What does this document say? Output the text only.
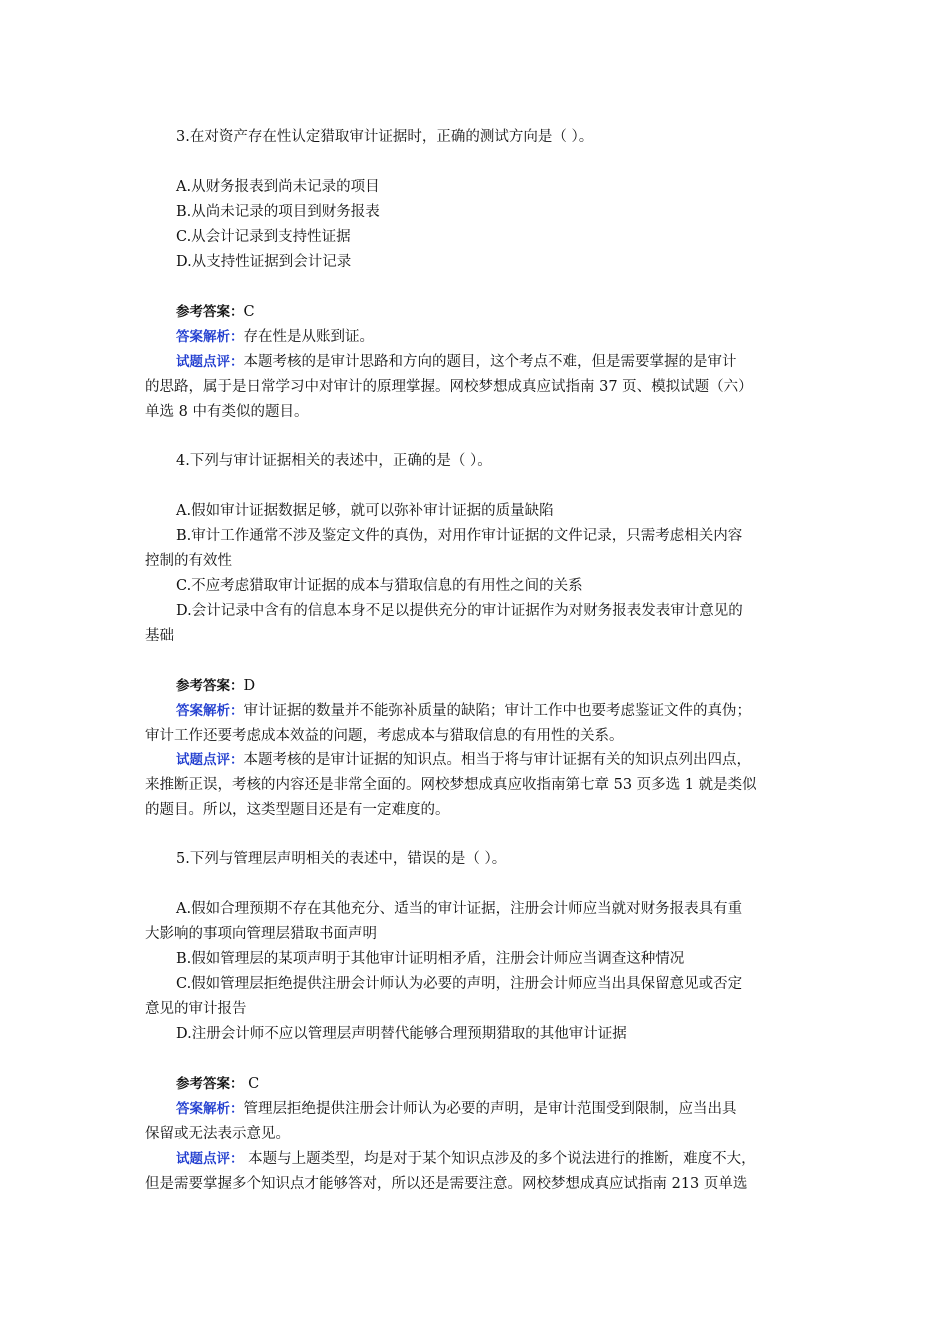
3.在对资产存在性认定猎取审计证据时，正确的测试方向是（ ）。
A.从财务报表到尚未记录的项目
B.从尚未记录的项目到财务报表
C.从会计记录到支持性证据
D.从支持性证据到会计记录
参考答案：C
答案解析：存在性是从账到证。
试题点评：本题考核的是审计思路和方向的题目，这个考点不难，但是需要掌握的是审计
的思路，属于是日常学习中对审计的原理掌握。网校梦想成真应试指南 37 页、模拟试题（六）
单选 8 中有类似的题目。
4.下列与审计证据相关的表述中，正确的是（ ）。
A.假如审计证据数据足够，就可以弥补审计证据的质量缺陷
B.审计工作通常不涉及鉴定文件的真伪，对用作审计证据的文件记录，只需考虑相关内容
控制的有效性
C.不应考虑猎取审计证据的成本与猎取信息的有用性之间的关系
D.会计记录中含有的信息本身不足以提供充分的审计证据作为对财务报表发表审计意见的
基础
参考答案：D
答案解析：审计证据的数量并不能弥补质量的缺陷；审计工作中也要考虑鉴证文件的真伪；
审计工作还要考虑成本效益的问题，考虑成本与猎取信息的有用性的关系。
试题点评：本题考核的是审计证据的知识点。相当于将与审计证据有关的知识点列出四点，
来推断正误，考核的内容还是非常全面的。网校梦想成真应收指南第七章 53 页多选 1 就是类似
的题目。所以，这类型题目还是有一定难度的。
5.下列与管理层声明相关的表述中，错误的是（ ）。
A.假如合理预期不存在其他充分、适当的审计证据，注册会计师应当就对财务报表具有重
大影响的事项向管理层猎取书面声明
B.假如管理层的某项声明于其他审计证明相矛盾，注册会计师应当调查这种情况
C.假如管理层拒绝提供注册会计师认为必要的声明，注册会计师应当出具保留意见或否定
意见的审计报告
D.注册会计师不应以管理层声明替代能够合理预期猎取的其他审计证据
参考答案： C
答案解析：管理层拒绝提供注册会计师认为必要的声明，是审计范围受到限制，应当出具
保留或无法表示意见。
试题点评： 本题与上题类型，均是对于某个知识点涉及的多个说法进行的推断，难度不大，
但是需要掌握多个知识点才能够答对，所以还是需要注意。网校梦想成真应试指南 213 页单选
